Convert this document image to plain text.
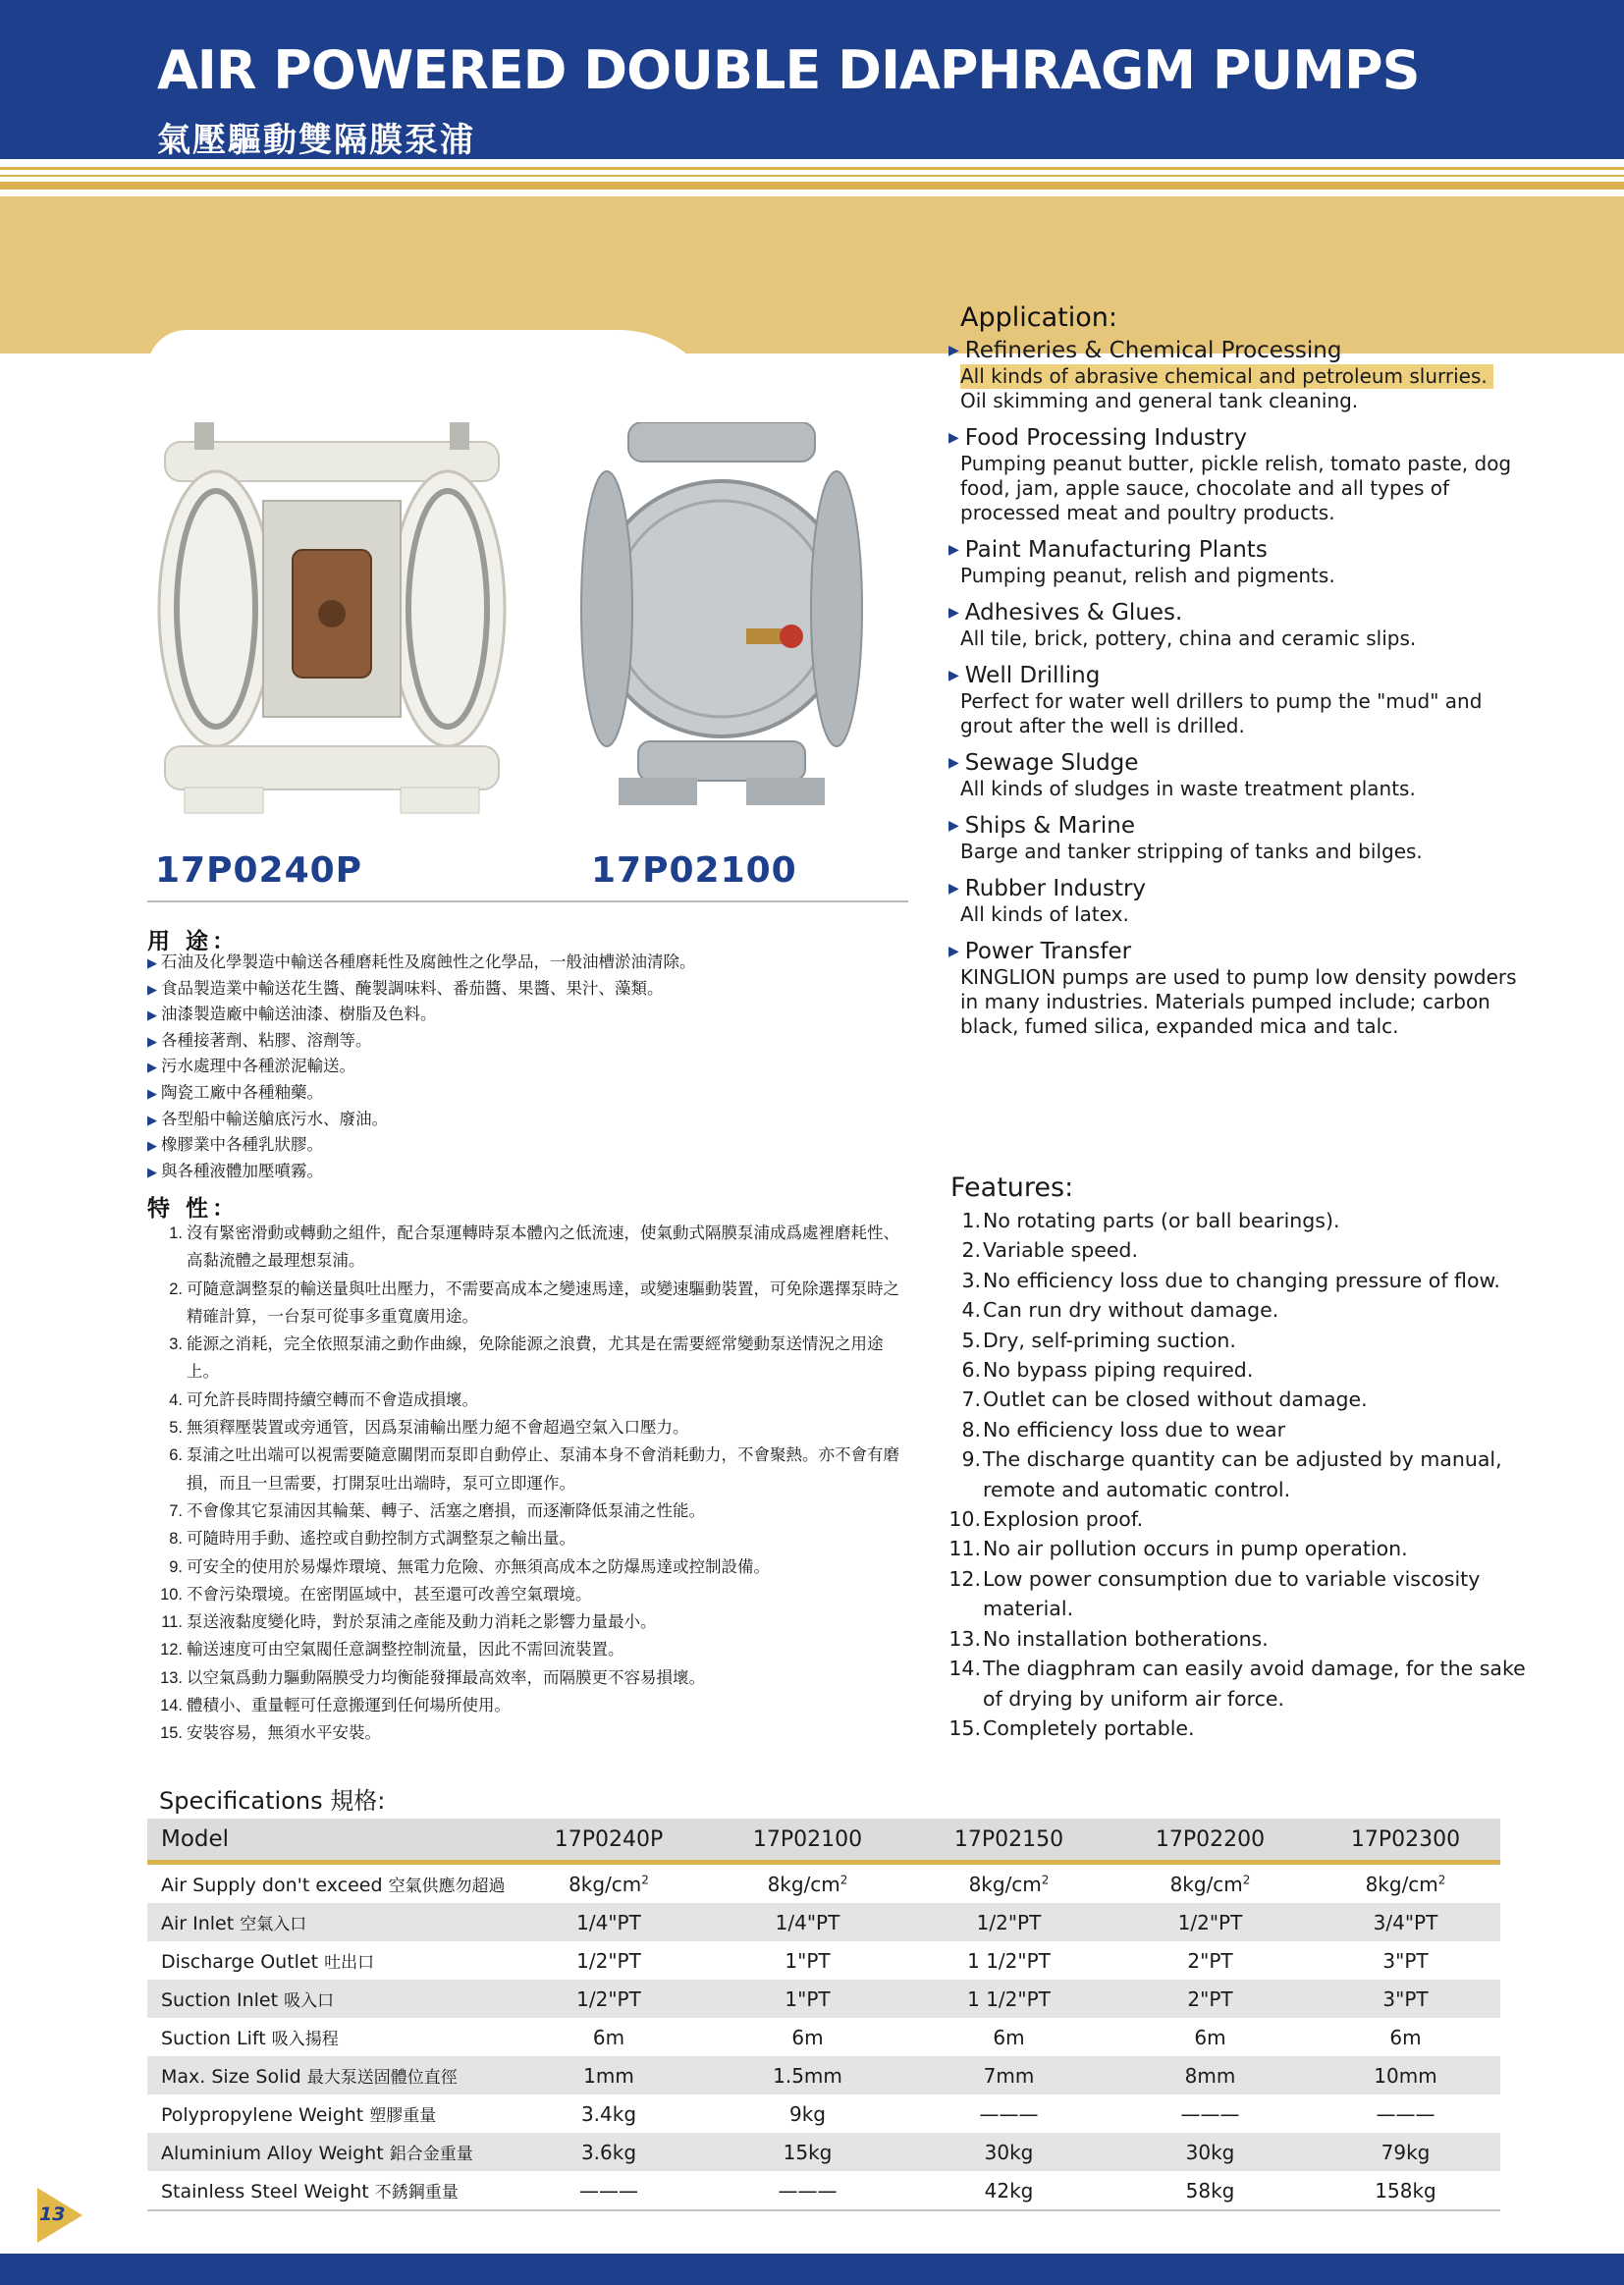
AIR POWERED DOUBLE DIAPHRAGM PUMPS
氣壓驅動雙隔膜泵浦
17P0240P	17P02100
用 途：
▶ 石油及化學製造中輸送各種磨耗性及腐蝕性之化學品，一般油槽淤油清除。
▶ 食品製造業中輸送花生醬、醃製調味料、番茄醬、果醬、果汁、藻類。
▶ 油漆製造廠中輸送油漆、樹脂及色料。
▶ 各種接著劑、粘膠、溶劑等。
▶ 污水處理中各種淤泥輸送。
▶ 陶瓷工廠中各種釉藥。
▶ 各型船中輸送艙底污水、廢油。
▶ 橡膠業中各種乳狀膠。
▶ 與各種液體加壓噴霧。
特 性：
1. 沒有緊密滑動或轉動之組件，配合泵運轉時泵本體內之低流速，使氣動式隔膜泵浦成爲處裡磨耗性、高黏流體之最理想泵浦。
2. 可隨意調整泵的輸送量與吐出壓力，不需要高成本之變速馬達，或變速驅動裝置，可免除選擇泵時之精確計算，一台泵可從事多重寬廣用途。
3. 能源之消耗，完全依照泵浦之動作曲線，免除能源之浪費，尤其是在需要經常變動泵送情況之用途上。
4. 可允許長時間持續空轉而不會造成損壞。
5. 無須釋壓裝置或旁通管，因爲泵浦輸出壓力絕不會超過空氣入口壓力。
6. 泵浦之吐出端可以視需要隨意關閉而泵即自動停止、泵浦本身不會消耗動力，不會聚熱。亦不會有磨損，而且一旦需要，打開泵吐出端時，泵可立即運作。
7. 不會像其它泵浦因其輪葉、轉子、活塞之磨損，而逐漸降低泵浦之性能。
8. 可隨時用手動、遙控或自動控制方式調整泵之輸出量。
9. 可安全的使用於易爆炸環境、無電力危險、亦無須高成本之防爆馬達或控制設備。
10. 不會污染環境。在密閉區域中，甚至還可改善空氣環境。
11. 泵送液黏度變化時，對於泵浦之產能及動力消耗之影響力量最小。
12. 輸送速度可由空氣閥任意調整控制流量，因此不需回流裝置。
13. 以空氣爲動力驅動隔膜受力均衡能發揮最高效率，而隔膜更不容易損壞。
14. 體積小、重量輕可任意搬運到任何場所使用。
15. 安裝容易，無須水平安裝。
Application:
▶ Refineries & Chemical Processing
All kinds of abrasive chemical and petroleum slurries.
Oil skimming and general tank cleaning.
▶ Food Processing Industry
Pumping peanut butter, pickle relish, tomato paste, dog food, jam, apple sauce, chocolate and all types of processed meat and poultry products.
▶ Paint Manufacturing Plants
Pumping peanut, relish and pigments.
▶ Adhesives & Glues.
All tile, brick, pottery, china and ceramic slips.
▶ Well Drilling
Perfect for water well drillers to pump the "mud" and grout after the well is drilled.
▶ Sewage Sludge
All kinds of sludges in waste treatment plants.
▶ Ships & Marine
Barge and tanker stripping of tanks and bilges.
▶ Rubber Industry
All kinds of latex.
▶ Power Transfer
KINGLION pumps are used to pump low density powders in many industries. Materials pumped include; carbon black, fumed silica, expanded mica and talc.
Features:
1. No rotating parts (or ball bearings).
2. Variable speed.
3. No efficiency loss due to changing pressure of flow.
4. Can run dry without damage.
5. Dry, self-priming suction.
6. No bypass piping required.
7. Outlet can be closed without damage.
8. No efficiency loss due to wear
9. The discharge quantity can be adjusted by manual, remote and automatic control.
10. Explosion proof.
11. No air pollution occurs in pump operation.
12. Low power consumption due to variable viscosity material.
13. No installation botherations.
14. The diagphram can easily avoid damage, for the sake of drying by uniform air force.
15. Completely portable.
Specifications 規格:
Model	17P0240P	17P02100	17P02150	17P02200	17P02300
Air Supply don't exceed 空氣供應勿超過	$8kg/cm^2$	$8kg/cm^2$	$8kg/cm^2$	$8kg/cm^2$	$8kg/cm^2$
Air Inlet 空氣入口	1/4"PT	1/4"PT	1/2"PT	1/2"PT	3/4"PT
Discharge Outlet 吐出口	1/2"PT	1"PT	1 1/2"PT	2"PT	3"PT
Suction Inlet 吸入口	1/2"PT	1"PT	1 1/2"PT	2"PT	3"PT
Suction Lift 吸入揚程	6m	6m	6m	6m	6m
Max. Size Solid 最大泵送固體位直徑	1mm	1.5mm	7mm	8mm	10mm
Polypropylene Weight 塑膠重量	3.4kg	9kg	———	———	———
Aluminium Alloy Weight 鋁合金重量	3.6kg	15kg	30kg	30kg	79kg
Stainless Steel Weight 不銹鋼重量	———	———	42kg	58kg	158kg
13
